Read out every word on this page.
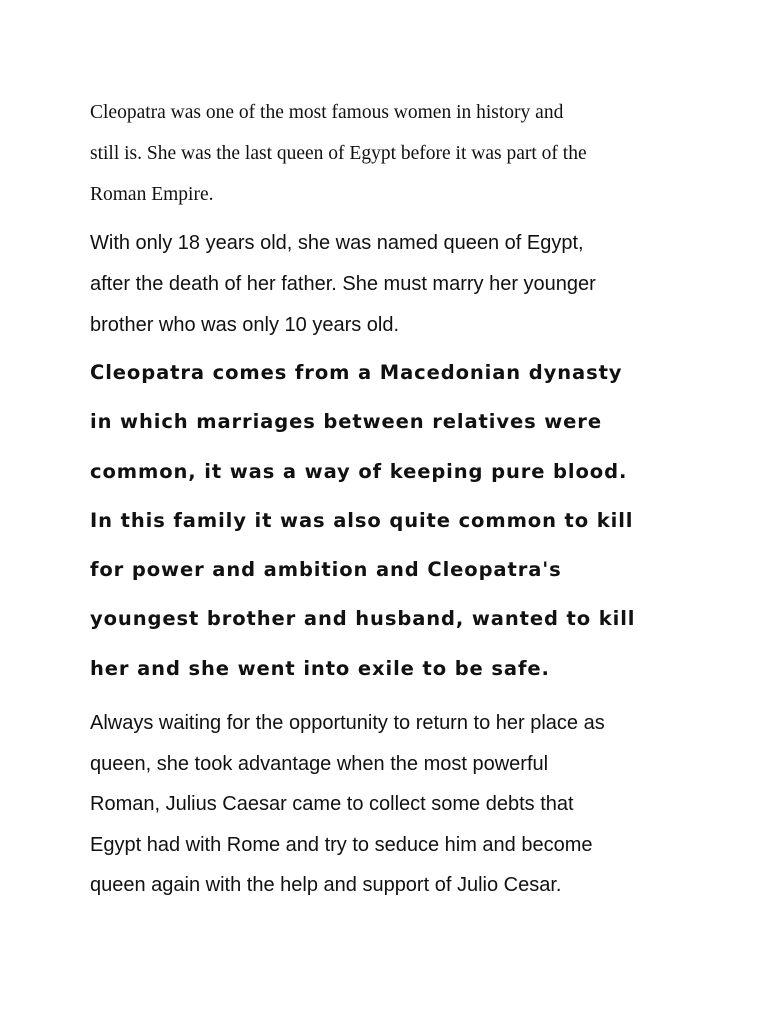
Cleopatra was one of the most famous women in history and
still is. She was the last queen of Egypt before it was part of the
Roman Empire.

With only 18 years old, she was named queen of Egypt,
after the death of her father. She must marry her younger
brother who was only 10 years old.

Cleopatra comes from a Macedonian dynasty
in which marriages between relatives were
common, it was a way of keeping pure blood.
In this family it was also quite common to kill
for power and ambition and Cleopatra's
youngest brother and husband, wanted to kill
her and she went into exile to be safe.

Always waiting for the opportunity to return to her place as
queen, she took advantage when the most powerful
Roman, Julius Caesar came to collect some debts that
Egypt had with Rome and try to seduce him and become
queen again with the help and support of Julio Cesar.
